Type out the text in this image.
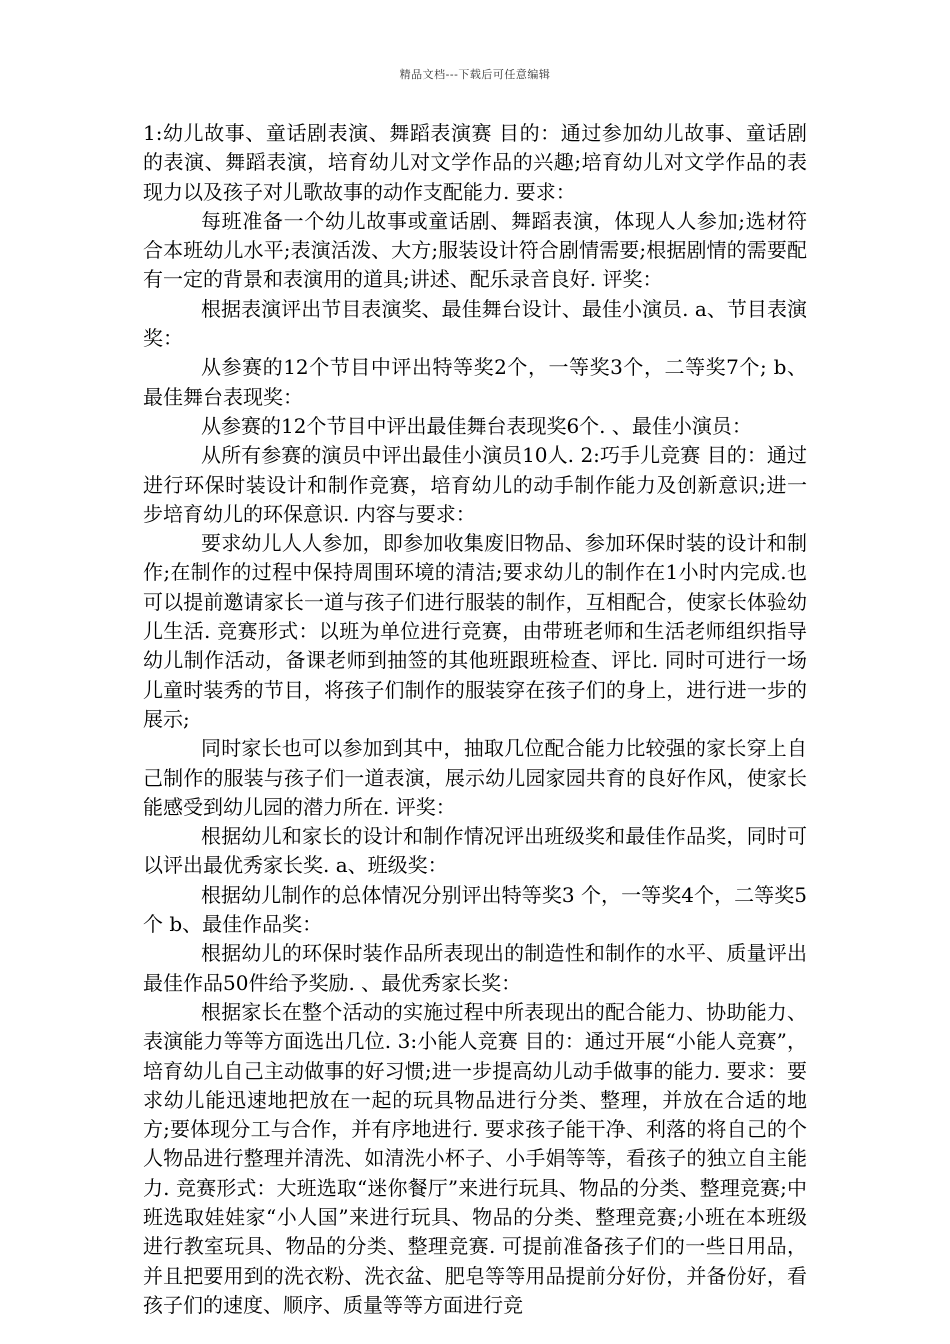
精品文档---下载后可任意编辑

1:幼儿故事、童话剧表演、舞蹈表演赛 目的：通过参加幼儿故事、童话剧的表演、舞蹈表演，培育幼儿对文学作品的兴趣;培育幼儿对文学作品的表现力以及孩子对儿歌故事的动作支配能力. 要求：

每班准备一个幼儿故事或童话剧、舞蹈表演，体现人人参加;选材符合本班幼儿水平;表演活泼、大方;服装设计符合剧情需要;根据剧情的需要配有一定的背景和表演用的道具;讲述、配乐录音良好. 评奖：

根据表演评出节目表演奖、最佳舞台设计、最佳小演员. a、节目表演奖：

从参赛的12个节目中评出特等奖2个，一等奖3个，二等奖7个; b、最佳舞台表现奖：

从参赛的12个节目中评出最佳舞台表现奖6个. 、最佳小演员：

从所有参赛的演员中评出最佳小演员10人. 2:巧手儿竞赛 目的：通过进行环保时装设计和制作竞赛，培育幼儿的动手制作能力及创新意识;进一步培育幼儿的环保意识. 内容与要求：

要求幼儿人人参加，即参加收集废旧物品、参加环保时装的设计和制作;在制作的过程中保持周围环境的清洁;要求幼儿的制作在1小时内完成.也可以提前邀请家长一道与孩子们进行服装的制作，互相配合，使家长体验幼儿生活. 竞赛形式：以班为单位进行竞赛，由带班老师和生活老师组织指导幼儿制作活动，备课老师到抽签的其他班跟班检查、评比. 同时可进行一场儿童时装秀的节目，将孩子们制作的服装穿在孩子们的身上，进行进一步的展示;

同时家长也可以参加到其中，抽取几位配合能力比较强的家长穿上自己制作的服装与孩子们一道表演，展示幼儿园家园共育的良好作风，使家长能感受到幼儿园的潜力所在. 评奖：

根据幼儿和家长的设计和制作情况评出班级奖和最佳作品奖，同时可以评出最优秀家长奖. a、班级奖：

根据幼儿制作的总体情况分别评出特等奖3 个，一等奖4个，二等奖5个 b、最佳作品奖：

根据幼儿的环保时装作品所表现出的制造性和制作的水平、质量评出最佳作品50件给予奖励. 、最优秀家长奖：

根据家长在整个活动的实施过程中所表现出的配合能力、协助能力、表演能力等等方面选出几位. 3:小能人竞赛 目的：通过开展“小能人竞赛”，培育幼儿自己主动做事的好习惯;进一步提高幼儿动手做事的能力. 要求：要求幼儿能迅速地把放在一起的玩具物品进行分类、整理，并放在合适的地方;要体现分工与合作，并有序地进行. 要求孩子能干净、利落的将自己的个人物品进行整理并清洗、如清洗小杯子、小手娟等等，看孩子的独立自主能力. 竞赛形式：大班选取“迷你餐厅”来进行玩具、物品的分类、整理竞赛;中班选取娃娃家“小人国”来进行玩具、物品的分类、整理竞赛;小班在本班级进行教室玩具、物品的分类、整理竞赛. 可提前准备孩子们的一些日用品，并且把要用到的洗衣粉、洗衣盆、肥皂等等用品提前分好份，并备份好，看孩子们的速度、顺序、质量等等方面进行竞
